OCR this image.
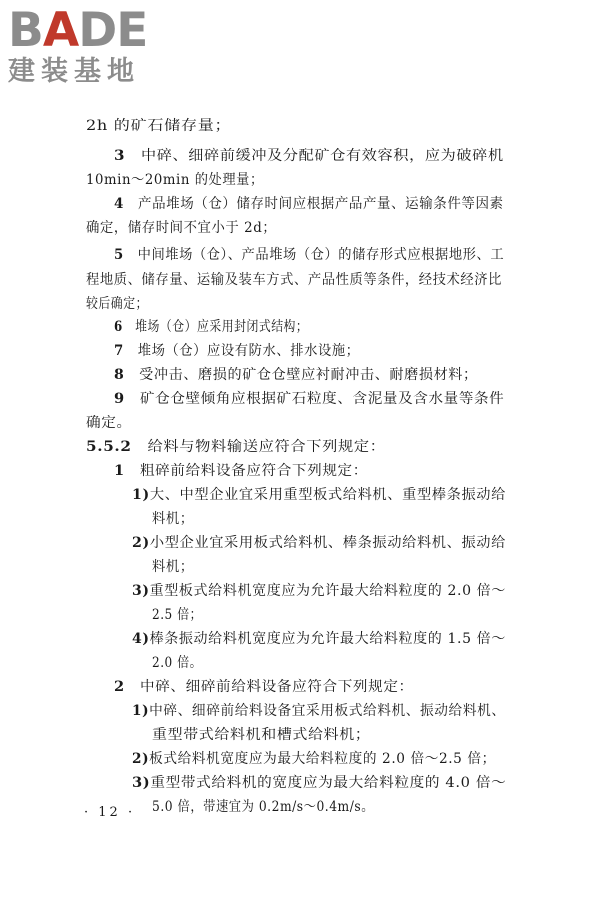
BADE
建装基地
2h 的矿石储存量；
3  中碎、细碎前缓冲及分配矿仓有效容积，应为破碎机
10min～20min 的处理量；
4  产品堆场（仓）储存时间应根据产品产量、运输条件等因素
确定，储存时间不宜小于 2d；
5  中间堆场（仓）、产品堆场（仓）的储存形式应根据地形、工
程地质、储存量、运输及装车方式、产品性质等条件，经技术经济比
较后确定；
6  堆场（仓）应采用封闭式结构；
7  堆场（仓）应设有防水、排水设施；
8  受冲击、磨损的矿仓仓壁应衬耐冲击、耐磨损材料；
9  矿仓仓壁倾角应根据矿石粒度、含泥量及含水量等条件
确定。
5.5.2  给料与物料输送应符合下列规定：
1  粗碎前给料设备应符合下列规定：
1)大、中型企业宜采用重型板式给料机、重型棒条振动给
料机；
2)小型企业宜采用板式给料机、棒条振动给料机、振动给
料机；
3)重型板式给料机宽度应为允许最大给料粒度的 2.0 倍～
2.5 倍；
4)棒条振动给料机宽度应为允许最大给料粒度的 1.5 倍～
2.0 倍。
2  中碎、细碎前给料设备应符合下列规定：
1)中碎、细碎前给料设备宜采用板式给料机、振动给料机、
重型带式给料机和槽式给料机；
2)板式给料机宽度应为最大给料粒度的 2.0 倍～2.5 倍；
3)重型带式给料机的宽度应为最大给料粒度的 4.0 倍～
5.0 倍，带速宜为 0.2m/s～0.4m/s。
· 12 ·
